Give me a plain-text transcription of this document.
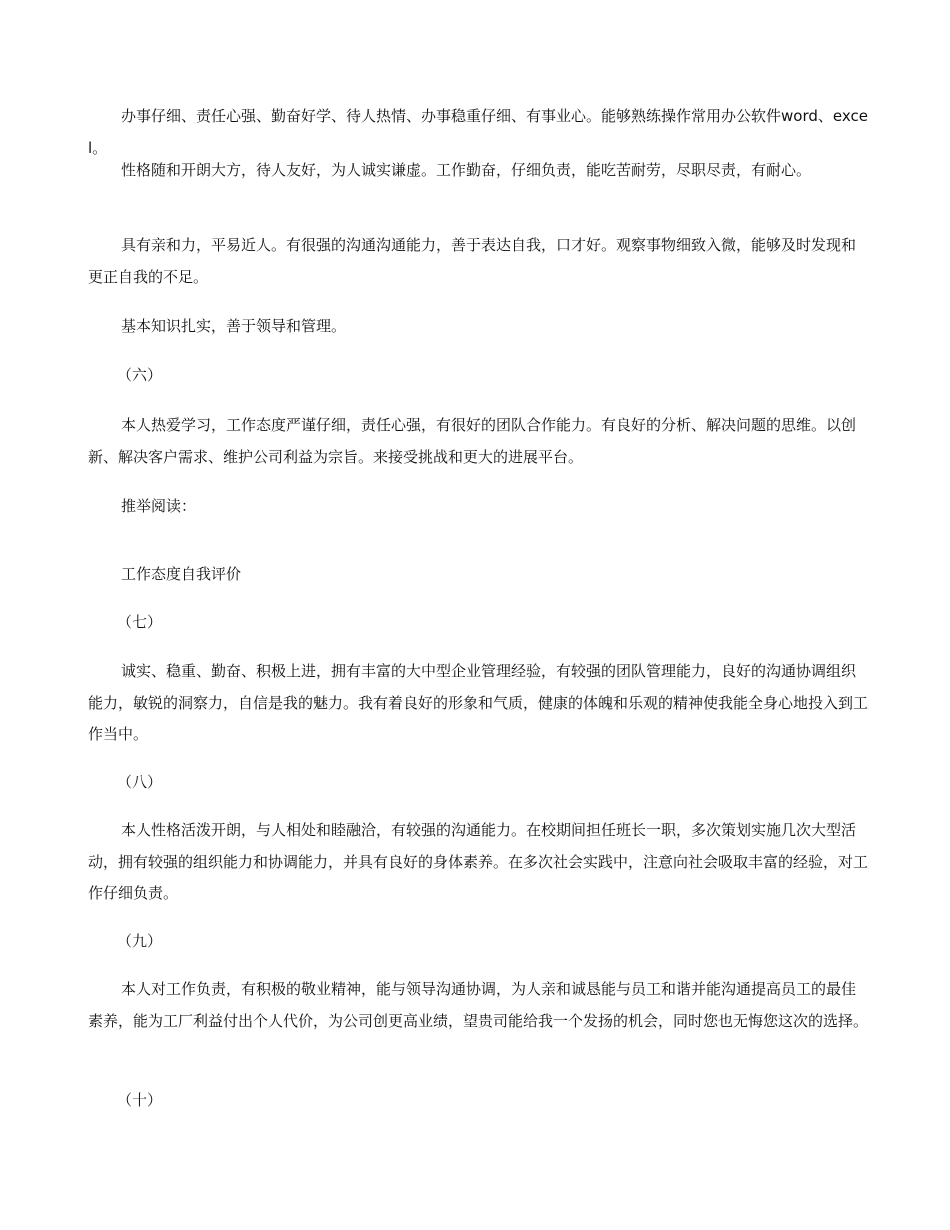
办事仔细、责任心强、勤奋好学、待人热情、办事稳重仔细、有事业心。能够熟练操作常用办公软件word、excel。

性格随和开朗大方，待人友好，为人诚实谦虚。工作勤奋，仔细负责，能吃苦耐劳，尽职尽责，有耐心。

具有亲和力，平易近人。有很强的沟通沟通能力，善于表达自我，口才好。观察事物细致入微，能够及时发现和更正自我的不足。

基本知识扎实，善于领导和管理。

（六）

本人热爱学习，工作态度严谨仔细，责任心强，有很好的团队合作能力。有良好的分析、解决问题的思维。以创新、解决客户需求、维护公司利益为宗旨。来接受挑战和更大的进展平台。

推举阅读：

工作态度自我评价

（七）

诚实、稳重、勤奋、积极上进，拥有丰富的大中型企业管理经验，有较强的团队管理能力，良好的沟通协调组织能力，敏锐的洞察力，自信是我的魅力。我有着良好的形象和气质，健康的体魄和乐观的精神使我能全身心地投入到工作当中。

（八）

本人性格活泼开朗，与人相处和睦融洽，有较强的沟通能力。在校期间担任班长一职，多次策划实施几次大型活动，拥有较强的组织能力和协调能力，并具有良好的身体素养。在多次社会实践中，注意向社会吸取丰富的经验，对工作仔细负责。

（九）

本人对工作负责，有积极的敬业精神，能与领导沟通协调，为人亲和诚恳能与员工和谐并能沟通提高员工的最佳素养，能为工厂利益付出个人代价，为公司创更高业绩，望贵司能给我一个发扬的机会，同时您也无悔您这次的选择。

（十）
